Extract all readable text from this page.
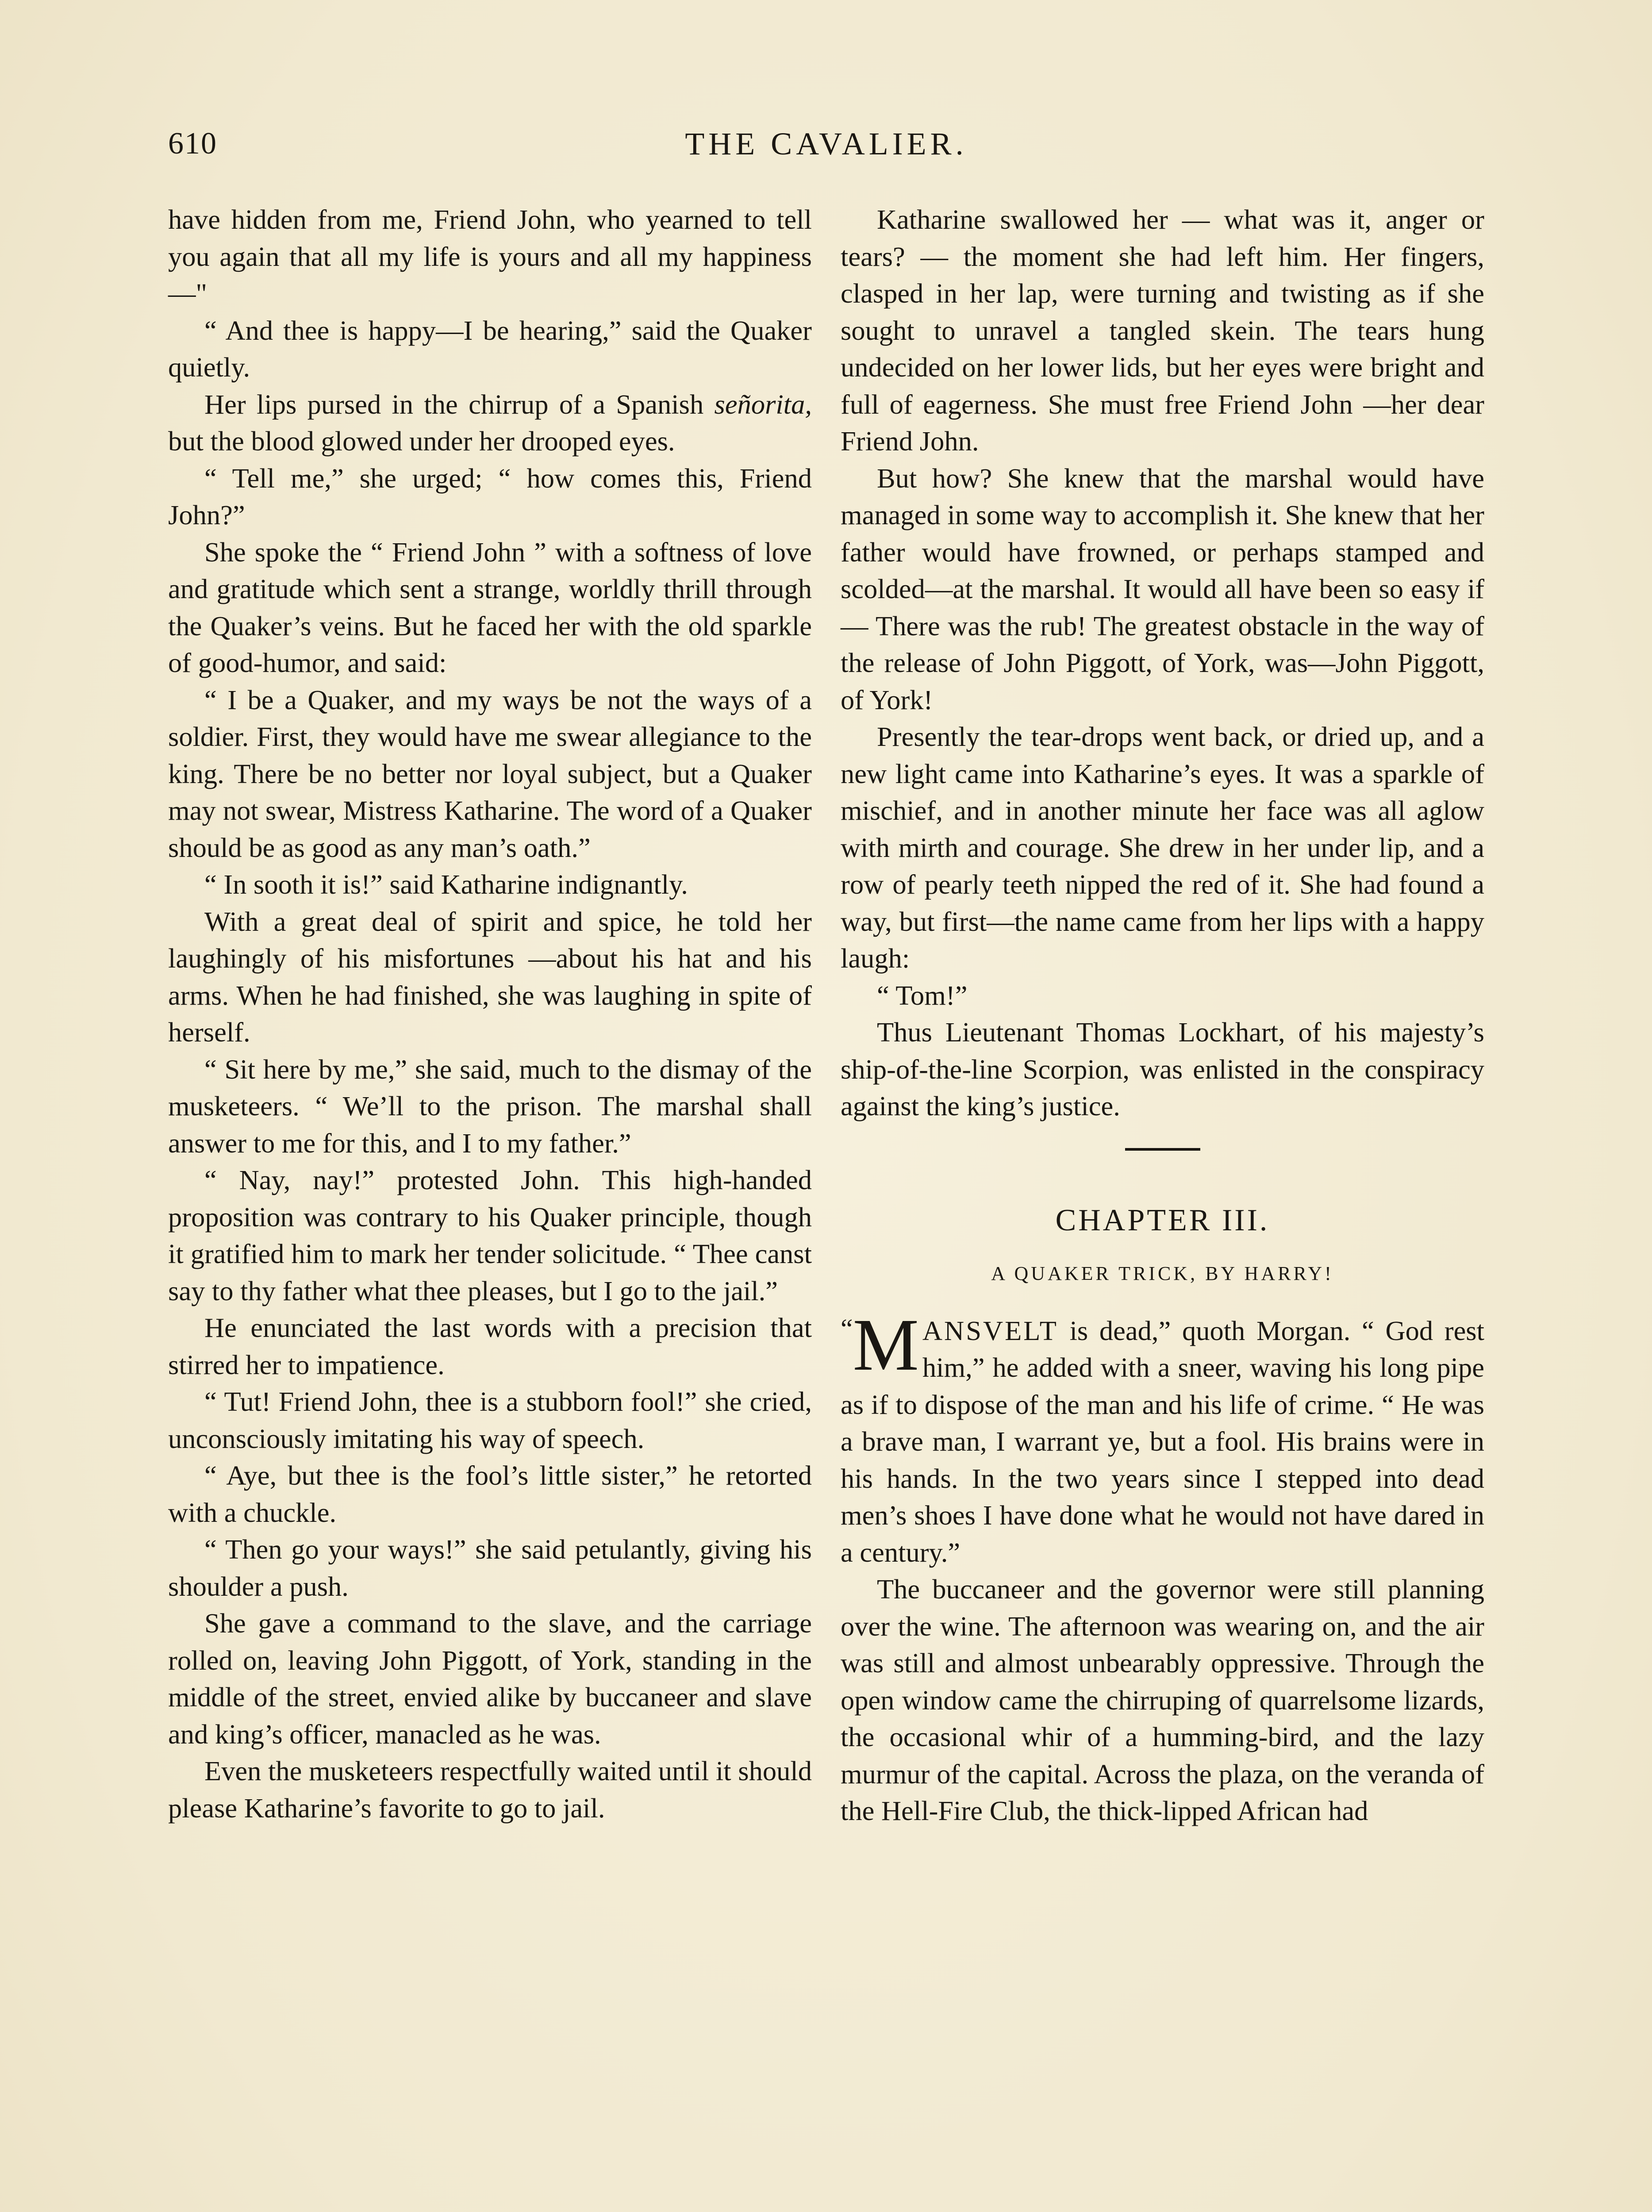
610	THE CAVALIER.

have hidden from me, Friend John, who yearned to tell you again that all my life is yours and all my happiness—"

“ And thee is happy—I be hearing,” said the Quaker quietly.

Her lips pursed in the chirrup of a Spanish señorita, but the blood glowed under her drooped eyes.

“ Tell me,” she urged; “ how comes this, Friend John?”

She spoke the “ Friend John ” with a softness of love and gratitude which sent a strange, worldly thrill through the Quaker’s veins. But he faced her with the old sparkle of good-humor, and said:

“ I be a Quaker, and my ways be not the ways of a soldier. First, they would have me swear allegiance to the king. There be no better nor loyal subject, but a Quaker may not swear, Mistress Katharine. The word of a Quaker should be as good as any man’s oath.”

“ In sooth it is!” said Katharine indignantly.

With a great deal of spirit and spice, he told her laughingly of his misfortunes —about his hat and his arms. When he had finished, she was laughing in spite of herself.

“ Sit here by me,” she said, much to the dismay of the musketeers. “ We’ll to the prison. The marshal shall answer to me for this, and I to my father.”

“ Nay, nay!” protested John. This high-handed proposition was contrary to his Quaker principle, though it gratified him to mark her tender solicitude. “ Thee canst say to thy father what thee pleases, but I go to the jail.”

He enunciated the last words with a precision that stirred her to impatience.

“ Tut! Friend John, thee is a stubborn fool!” she cried, unconsciously imitating his way of speech.

“ Aye, but thee is the fool’s little sister,” he retorted with a chuckle.

“ Then go your ways!” she said petulantly, giving his shoulder a push.

She gave a command to the slave, and the carriage rolled on, leaving John Piggott, of York, standing in the middle of the street, envied alike by buccaneer and slave and king’s officer, manacled as he was.

Even the musketeers respectfully waited until it should please Katharine’s favorite to go to jail.

Katharine swallowed her — what was it, anger or tears? — the moment she had left him. Her fingers, clasped in her lap, were turning and twisting as if she sought to unravel a tangled skein. The tears hung undecided on her lower lids, but her eyes were bright and full of eagerness. She must free Friend John —her dear Friend John.

But how? She knew that the marshal would have managed in some way to accomplish it. She knew that her father would have frowned, or perhaps stamped and scolded—at the marshal. It would all have been so easy if— There was the rub! The greatest obstacle in the way of the release of John Piggott, of York, was—John Piggott, of York!

Presently the tear-drops went back, or dried up, and a new light came into Katharine’s eyes. It was a sparkle of mischief, and in another minute her face was all aglow with mirth and courage. She drew in her under lip, and a row of pearly teeth nipped the red of it. She had found a way, but first—the name came from her lips with a happy laugh:

“ Tom!”

Thus Lieutenant Thomas Lockhart, of his majesty’s ship-of-the-line Scorpion, was enlisted in the conspiracy against the king’s justice.

CHAPTER III.
A QUAKER TRICK, BY HARRY!

“ M ANSVELT is dead,” quoth Morgan. “ God rest him,” he added with a sneer, waving his long pipe as if to dispose of the man and his life of crime. “ He was a brave man, I warrant ye, but a fool. His brains were in his hands. In the two years since I stepped into dead men’s shoes I have done what he would not have dared in a century.”

The buccaneer and the governor were still planning over the wine. The afternoon was wearing on, and the air was still and almost unbearably oppressive. Through the open window came the chirruping of quarrelsome lizards, the occasional whir of a humming-bird, and the lazy murmur of the capital. Across the plaza, on the veranda of the Hell-Fire Club, the thick-lipped African had
